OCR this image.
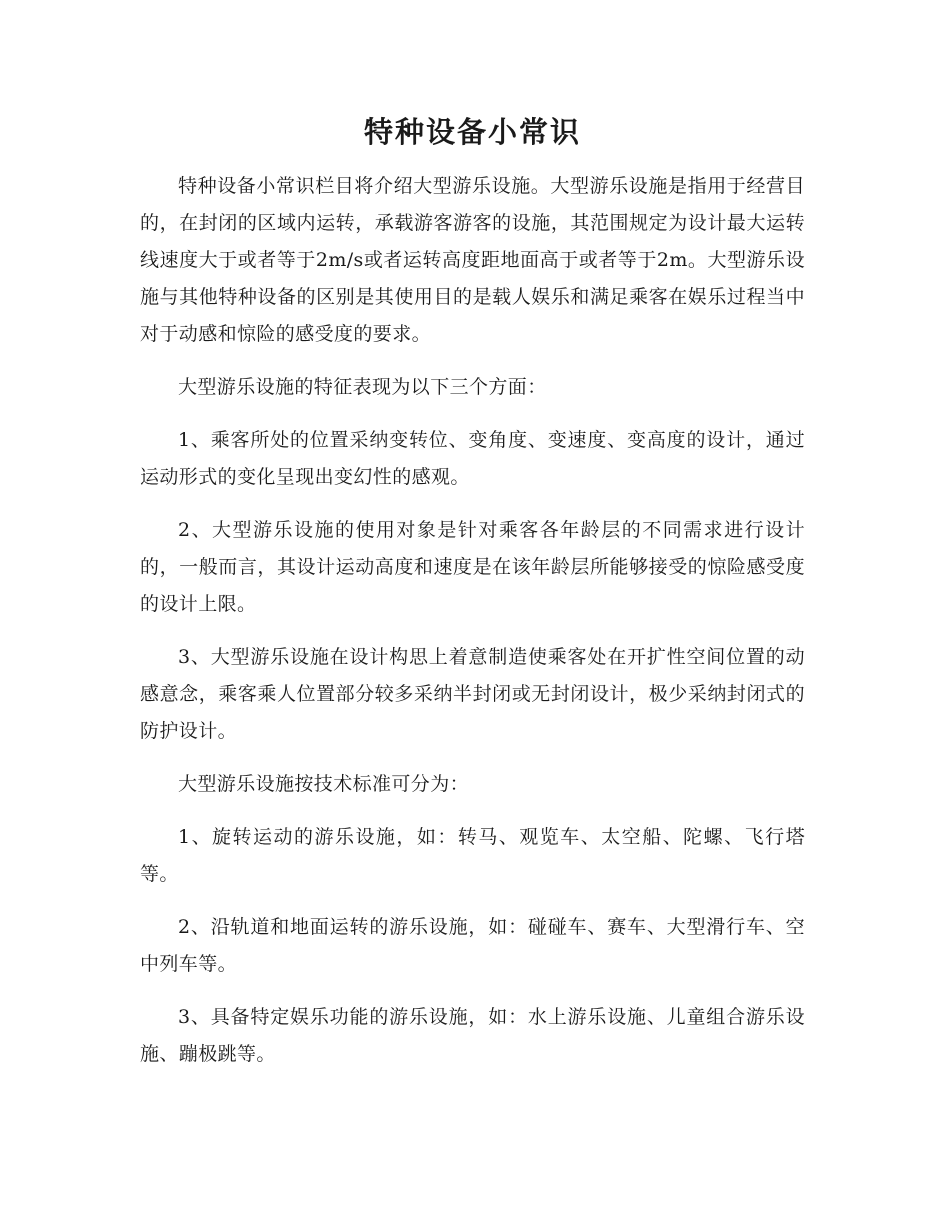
特种设备小常识

特种设备小常识栏目将介绍大型游乐设施。大型游乐设施是指用于经营目的，在封闭的区域内运转，承载游客游客的设施，其范围规定为设计最大运转线速度大于或者等于2m/s或者运转高度距地面高于或者等于2m。大型游乐设施与其他特种设备的区别是其使用目的是载人娱乐和满足乘客在娱乐过程当中对于动感和惊险的感受度的要求。

大型游乐设施的特征表现为以下三个方面：

1、乘客所处的位置采纳变转位、变角度、变速度、变高度的设计，通过运动形式的变化呈现出变幻性的感观。

2、大型游乐设施的使用对象是针对乘客各年龄层的不同需求进行设计的，一般而言，其设计运动高度和速度是在该年龄层所能够接受的惊险感受度的设计上限。

3、大型游乐设施在设计构思上着意制造使乘客处在开扩性空间位置的动感意念，乘客乘人位置部分较多采纳半封闭或无封闭设计，极少采纳封闭式的防护设计。

大型游乐设施按技术标准可分为：

1、旋转运动的游乐设施，如：转马、观览车、太空船、陀螺、飞行塔等。

2、沿轨道和地面运转的游乐设施，如：碰碰车、赛车、大型滑行车、空中列车等。

3、具备特定娱乐功能的游乐设施，如：水上游乐设施、儿童组合游乐设施、蹦极跳等。
